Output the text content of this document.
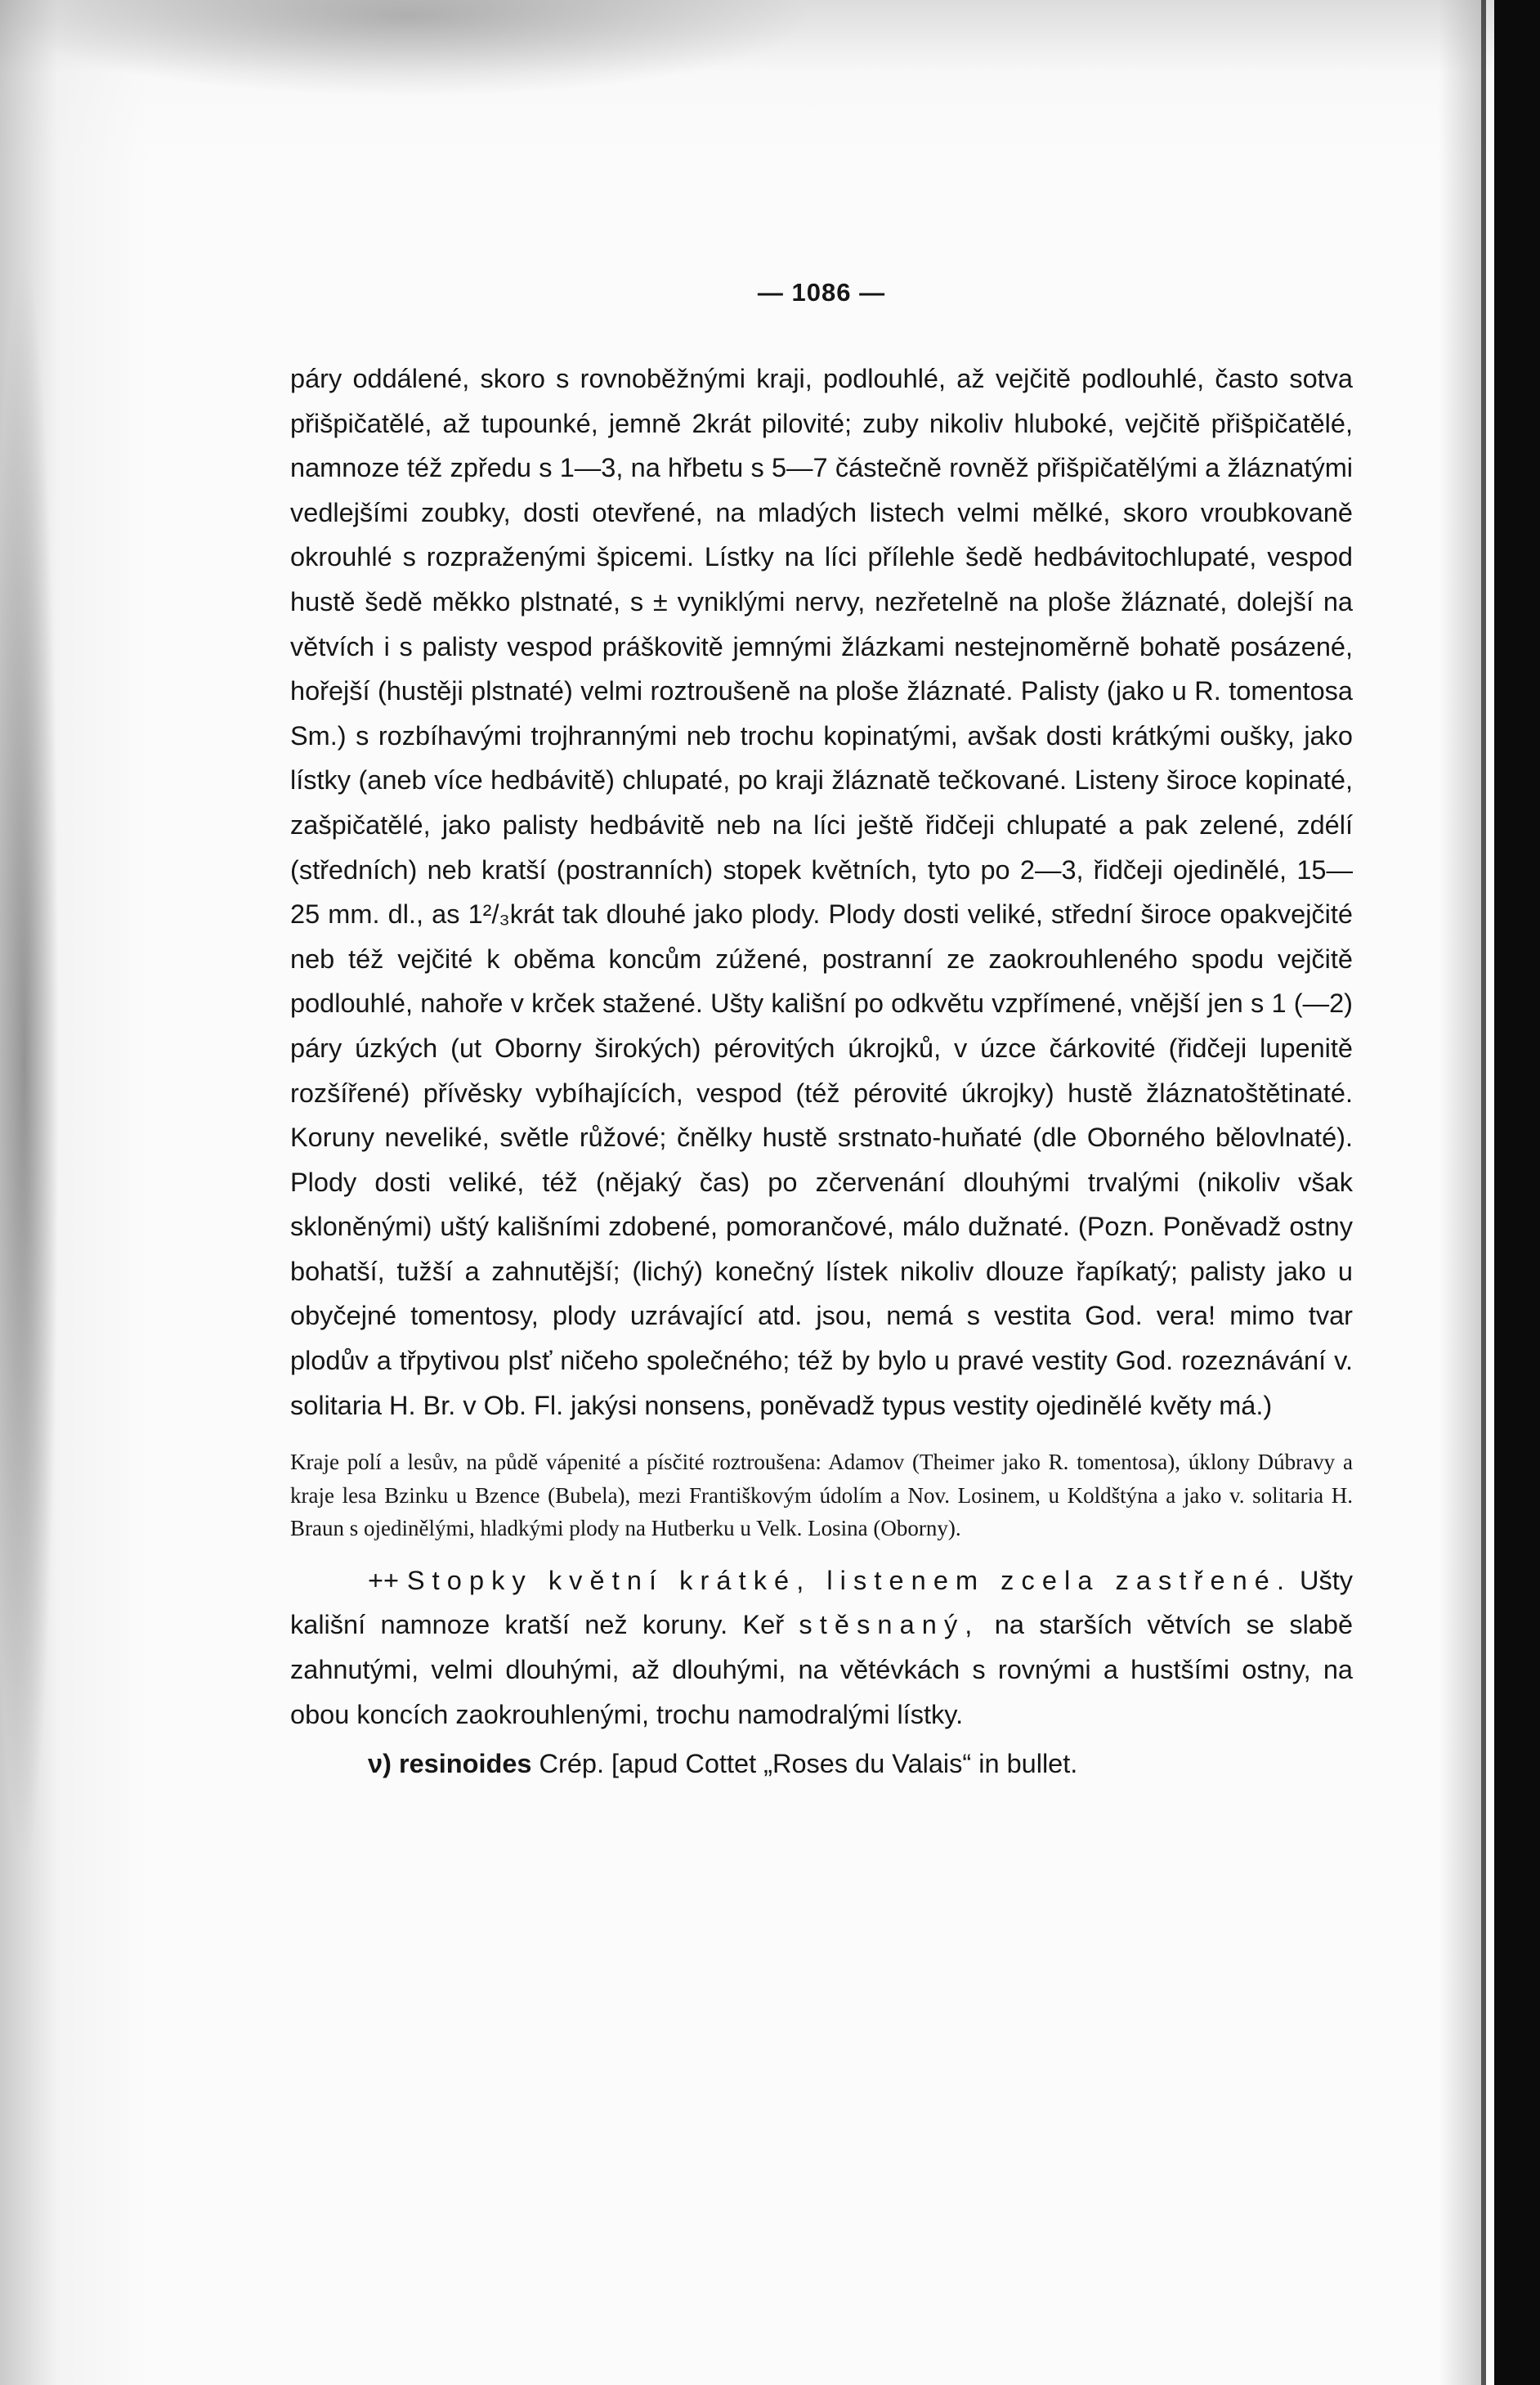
— 1086 —

páry oddálené, skoro s rovnoběžnými kraji, podlouhlé, až vejčitě podlouhlé, často sotva přišpičatělé, až tupounké, jemně 2krát pilovité; zuby nikoliv hluboké, vejčitě přišpičatělé, namnoze též zpředu s 1—3, na hřbetu s 5—7 částečně rovněž přišpičatělými a žláznatými vedlejšími zoubky, dosti otevřené, na mladých listech velmi mělké, skoro vroubkovaně okrouhlé s rozpraženými špicemi. Lístky na líci přílehle šedě hedbávitochlupaté, vespod hustě šedě měkko plstnaté, s ± vyniklými nervy, nezřetelně na ploše žláznaté, dolejší na větvích i s palisty vespod práškovitě jemnými žlázkami nestejnoměrně bohatě posázené, hořejší (hustěji plstnaté) velmi roztroušeně na ploše žláznaté. Palisty (jako u R. tomentosa Sm.) s rozbíhavými trojhrannými neb trochu kopinatými, avšak dosti krátkými oušky, jako lístky (aneb více hedbávitě) chlupaté, po kraji žláznatě tečkované. Listeny široce kopinaté, zašpičatělé, jako palisty hedbávitě neb na líci ještě řidčeji chlupaté a pak zelené, zdélí (středních) neb kratší (postranních) stopek květních, tyto po 2—3, řidčeji ojedinělé, 15—25 mm. dl., as 1²/₃krát tak dlouhé jako plody. Plody dosti veliké, střední široce opakvejčité neb též vejčité k oběma koncům zúžené, postranní ze zaokrouhleného spodu vejčitě podlouhlé, nahoře v krček stažené. Ušty kališní po odkvětu vzpřímené, vnější jen s 1 (—2) páry úzkých (ut Oborny širokých) pérovitých úkrojků, v úzce čárkovité (řidčeji lupenitě rozšířené) přívěsky vybíhajících, vespod (též pérovité úkrojky) hustě žláznatoštětinaté. Koruny neveliké, světle růžové; čnělky hustě srstnato-huňaté (dle Oborného bělovlnaté). Plody dosti veliké, též (nějaký čas) po zčervenání dlouhými trvalými (nikoliv však skloněnými) uštý kališními zdobené, pomorančové, málo dužnaté. (Pozn. Poněvadž ostny bohatší, tužší a zahnutější; (lichý) konečný lístek nikoliv dlouze řapíkatý; palisty jako u obyčejné tomentosy, plody uzrávající atd. jsou, nemá s vestita God. vera! mimo tvar plodův a třpytivou plsť ničeho společného; též by bylo u pravé vestity God. rozeznávání v. solitaria H. Br. v Ob. Fl. jakýsi nonsens, poněvadž typus vestity ojedinělé květy má.)

Kraje polí a lesův, na půdě vápenité a písčité roztroušena: Adamov (Theimer jako R. tomentosa), úklony Dúbravy a kraje lesa Bzinku u Bzence (Bubela), mezi Františkovým údolím a Nov. Losinem, u Koldštýna a jako v. solitaria H. Braun s ojedinělými, hladkými plody na Hutberku u Velk. Losina (Oborny).

++ Stopky květní krátké, listenem zcela zastřené. Ušty kališní namnoze kratší než koruny. Keř stěsnaný, na starších větvích se slabě zahnutými, velmi dlouhými, až dlouhými, na větévkách s rovnými a hustšími ostny, na obou koncích zaokrouhlenými, trochu namodralými lístky.

ν) resinoides Crép. [apud Cottet „Roses du Valais“ in bullet.
